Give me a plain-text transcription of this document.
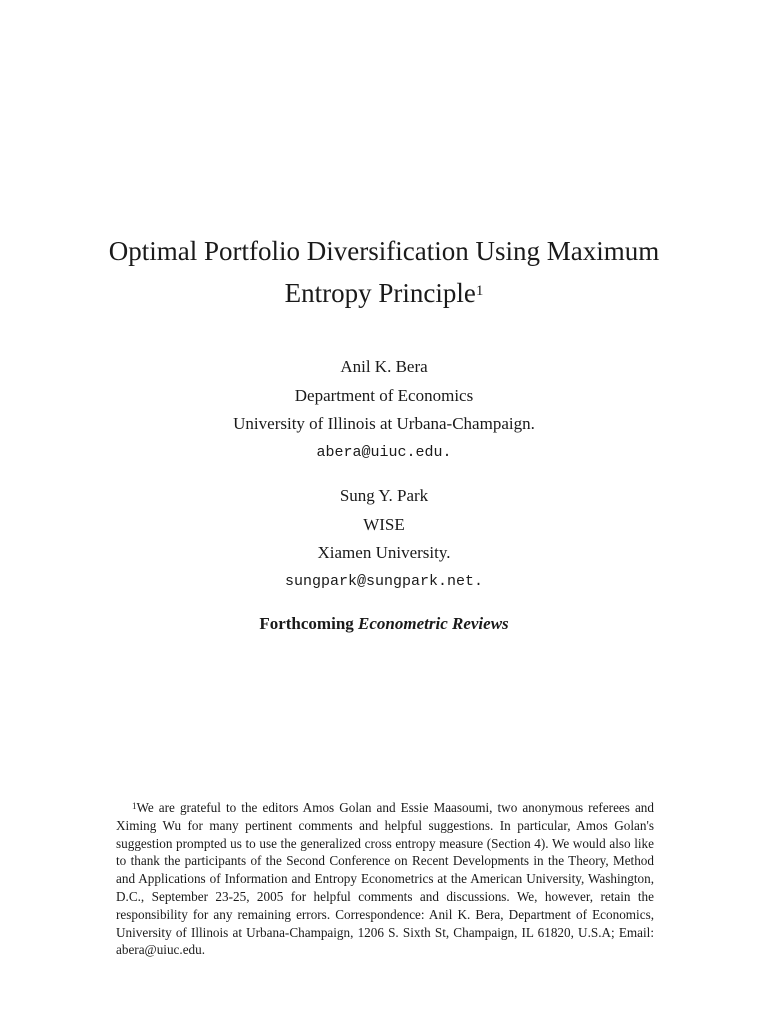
Optimal Portfolio Diversification Using Maximum
Entropy Principle$^1$
Anil K. Bera
Department of Economics
University of Illinois at Urbana-Champaign.
abera@uiuc.edu.
Sung Y. Park
WISE
Xiamen University.
sungpark@sungpark.net.
Forthcoming Econometric Reviews

$^1$We are grateful to the editors Amos Golan and Essie Maasoumi, two anonymous referees and Ximing Wu for many pertinent comments and helpful suggestions. In particular, Amos Golan's suggestion prompted us to use the generalized cross entropy measure (Section 4). We would also like to thank the participants of the Second Conference on Recent Developments in the Theory, Method and Applications of Information and Entropy Econometrics at the American University, Washington, D.C., September 23-25, 2005 for helpful comments and discussions. We, however, retain the responsibility for any remaining errors. Correspondence: Anil K. Bera, Department of Economics, University of Illinois at Urbana-Champaign, 1206 S. Sixth St, Champaign, IL 61820, U.S.A; Email: abera@uiuc.edu.
